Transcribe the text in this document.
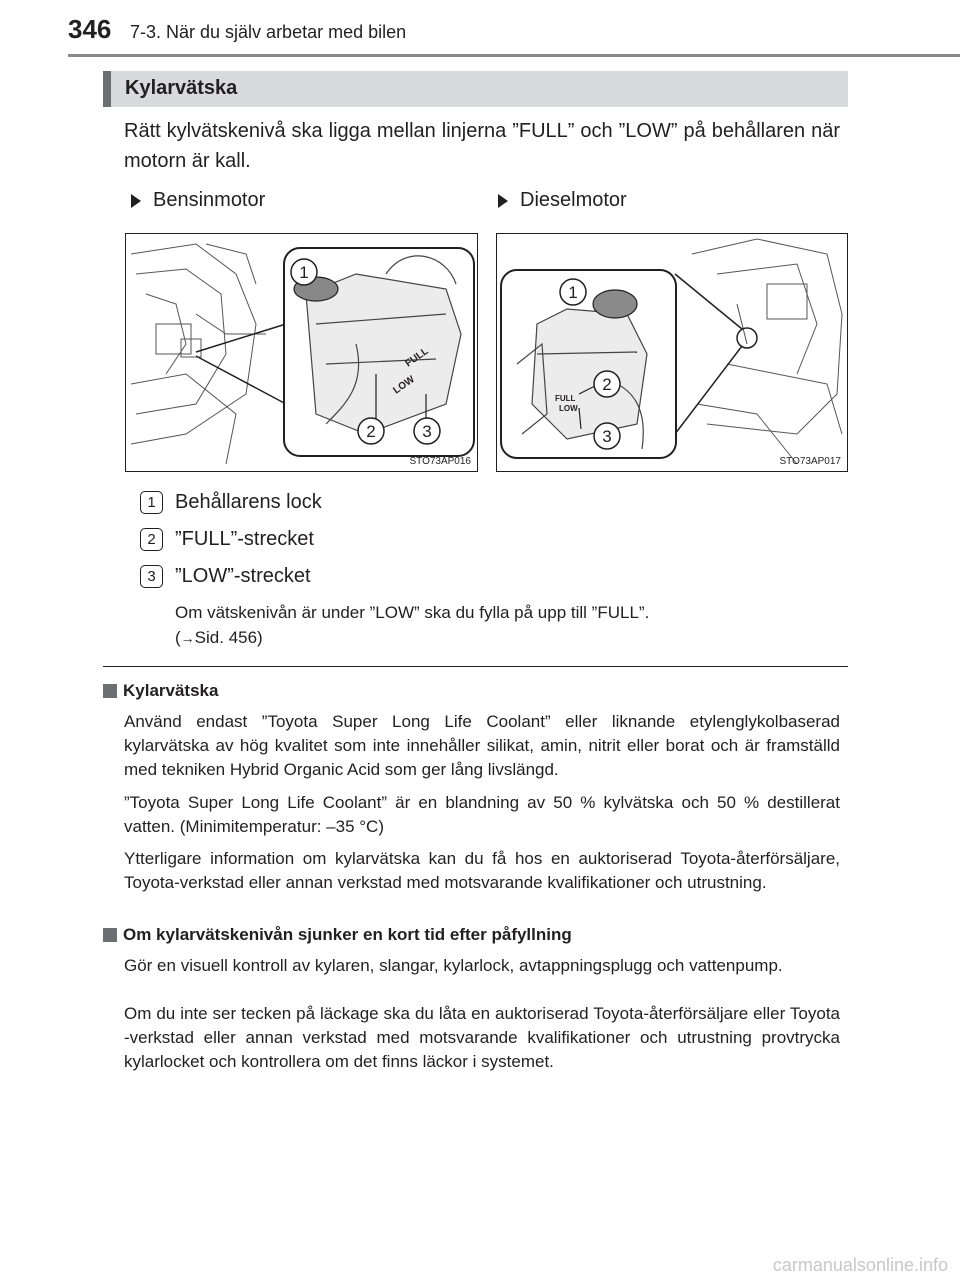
346 7-3. När du själv arbetar med bilen
Kylarvätska
Rätt kylvätskenivå ska ligga mellan linjerna ”FULL” och ”LOW” på behållaren när motorn är kall.
Bensinmotor	Dieselmotor
FULL
LOW
1
2	3
STO73AP016
FULL
LOW
1
2
3
STO73AP017
1 Behållarens lock
2 ”FULL”-strecket
3 ”LOW”-strecket
Om vätskenivån är under ”LOW” ska du fylla på upp till ”FULL”.
(→Sid. 456)
Kylarvätska
Använd endast ”Toyota Super Long Life Coolant” eller liknande etylenglykolbaserad kylarvätska av hög kvalitet som inte innehåller silikat, amin, nitrit eller borat och är framställd med tekniken Hybrid Organic Acid som ger lång livslängd.
”Toyota Super Long Life Coolant” är en blandning av 50 % kylvätska och 50 % destillerat vatten. (Minimitemperatur: –35 °C)
Ytterligare information om kylarvätska kan du få hos en auktoriserad Toyota-återförsäljare, Toyota-verkstad eller annan verkstad med motsvarande kvalifikationer och utrustning.
Om kylarvätskenivån sjunker en kort tid efter påfyllning
Gör en visuell kontroll av kylaren, slangar, kylarlock, avtappningsplugg och vattenpump.
Om du inte ser tecken på läckage ska du låta en auktoriserad Toyota-återförsäljare eller Toyota -verkstad eller annan verkstad med motsvarande kvalifikationer och utrustning provtrycka kylarlocket och kontrollera om det finns läckor i systemet.
carmanualsonline.info
